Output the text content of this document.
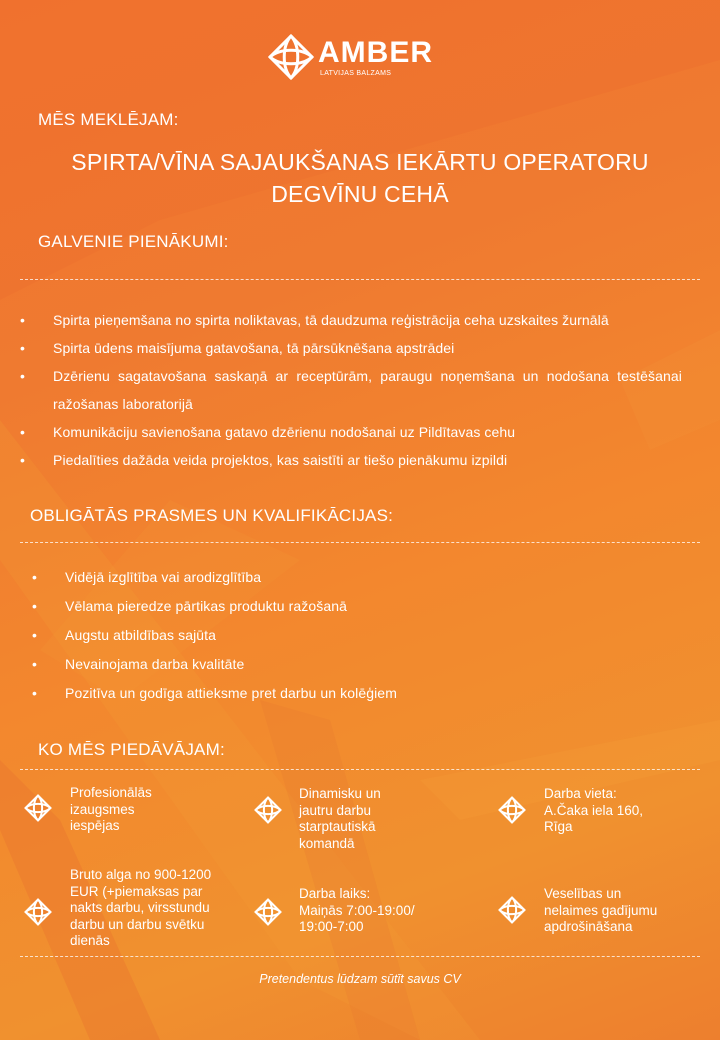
AMBER
LATVIJAS BALZAMS
MĒS MEKLĒJAM:
SPIRTA/VĪNA SAJAUKŠANAS IEKĀRTU OPERATORU
DEGVĪNU CEHĀ
GALVENIE PIENĀKUMI:
• Spirta pieņemšana no spirta noliktavas, tā daudzuma reģistrācija ceha uzskaites žurnālā
• Spirta ūdens maisījuma gatavošana, tā pārsūknēšana apstrādei
• Dzērienu sagatavošana saskaņā ar receptūrām, paraugu noņemšana un nodošana testēšanai ražošanas laboratorijā
• Komunikāciju savienošana gatavo dzērienu nodošanai uz Pildītavas cehu
• Piedalīties dažāda veida projektos, kas saistīti ar tiešo pienākumu izpildi
OBLIGĀTĀS PRASMES UN KVALIFIKĀCIJAS:
• Vidējā izglītība vai arodizglītība
• Vēlama pieredze pārtikas produktu ražošanā
• Augstu atbildības sajūta
• Nevainojama darba kvalitāte
• Pozitīva un godīga attieksme pret darbu un kolēģiem
KO MĒS PIEDĀVĀJAM:
Profesionālās
izaugsmes
iespējas
Dinamisku un
jautru darbu
starptautiskā
komandā
Darba vieta:
A.Čaka iela 160,
Rīga
Bruto alga no 900-1200
EUR (+piemaksas par
nakts darbu, virsstundu
darbu un darbu svētku
dienās
Darba laiks:
Maiņās 7:00-19:00/
19:00-7:00
Veselības un
nelaimes gadījumu
apdrošināšana
Pretendentus lūdzam sūtīt savus CV
